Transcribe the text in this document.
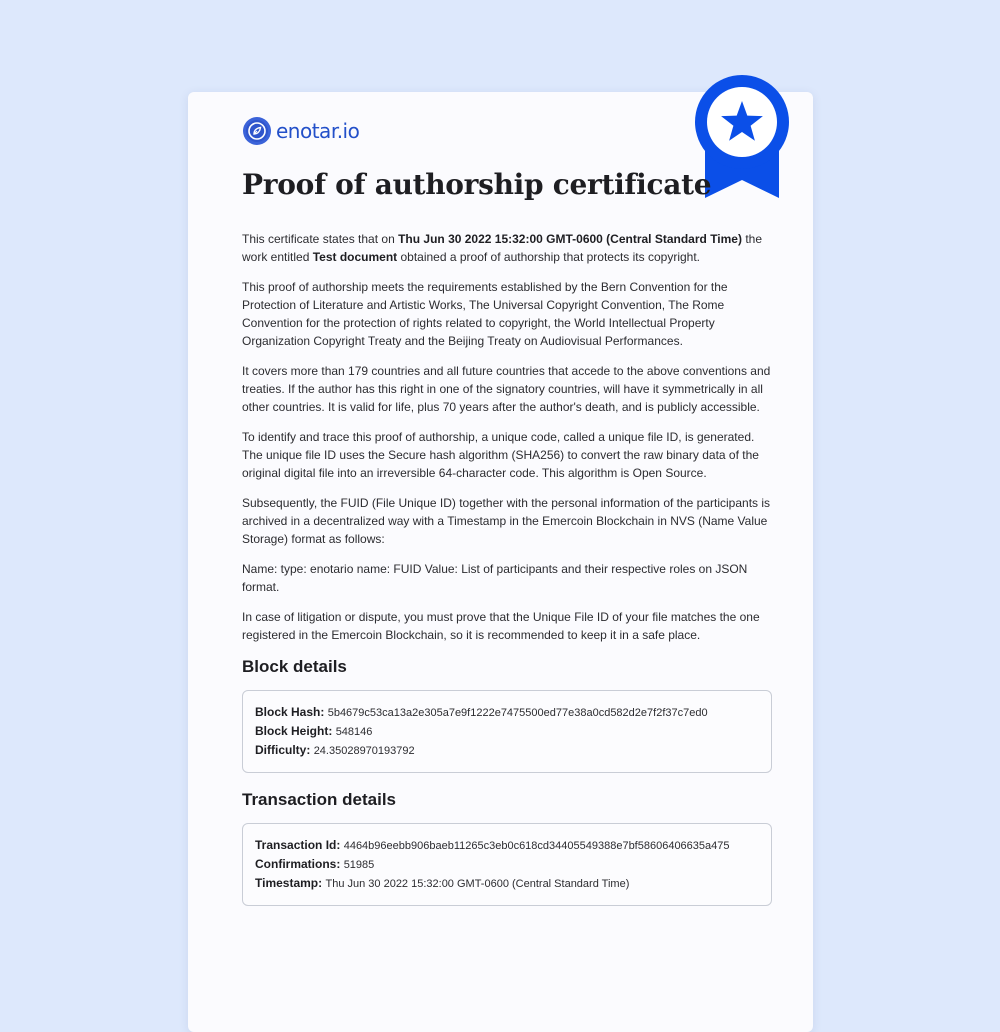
enotar.io
Proof of authorship certificate

This certificate states that on Thu Jun 30 2022 15:32:00 GMT-0600 (Central Standard Time) the work entitled Test document obtained a proof of authorship that protects its copyright.

This proof of authorship meets the requirements established by the Bern Convention for the Protection of Literature and Artistic Works, The Universal Copyright Convention, The Rome Convention for the protection of rights related to copyright, the World Intellectual Property Organization Copyright Treaty and the Beijing Treaty on Audiovisual Performances.

It covers more than 179 countries and all future countries that accede to the above conventions and treaties. If the author has this right in one of the signatory countries, will have it symmetrically in all other countries. It is valid for life, plus 70 years after the author's death, and is publicly accessible.

To identify and trace this proof of authorship, a unique code, called a unique file ID, is generated. The unique file ID uses the Secure hash algorithm (SHA256) to convert the raw binary data of the original digital file into an irreversible 64-character code. This algorithm is Open Source.

Subsequently, the FUID (File Unique ID) together with the personal information of the participants is archived in a decentralized way with a Timestamp in the Emercoin Blockchain in NVS (Name Value Storage) format as follows:

Name: type: enotario name: FUID Value: List of participants and their respective roles on JSON format.

In case of litigation or dispute, you must prove that the Unique File ID of your file matches the one registered in the Emercoin Blockchain, so it is recommended to keep it in a safe place.

Block details
Block Hash: 5b4679c53ca13a2e305a7e9f1222e7475500ed77e38a0cd582d2e7f2f37c7ed0
Block Height: 548146
Difficulty: 24.35028970193792
Transaction details
Transaction Id: 4464b96eebb906baeb11265c3eb0c618cd34405549388e7bf58606406635a475
Confirmations: 51985
Timestamp: Thu Jun 30 2022 15:32:00 GMT-0600 (Central Standard Time)
